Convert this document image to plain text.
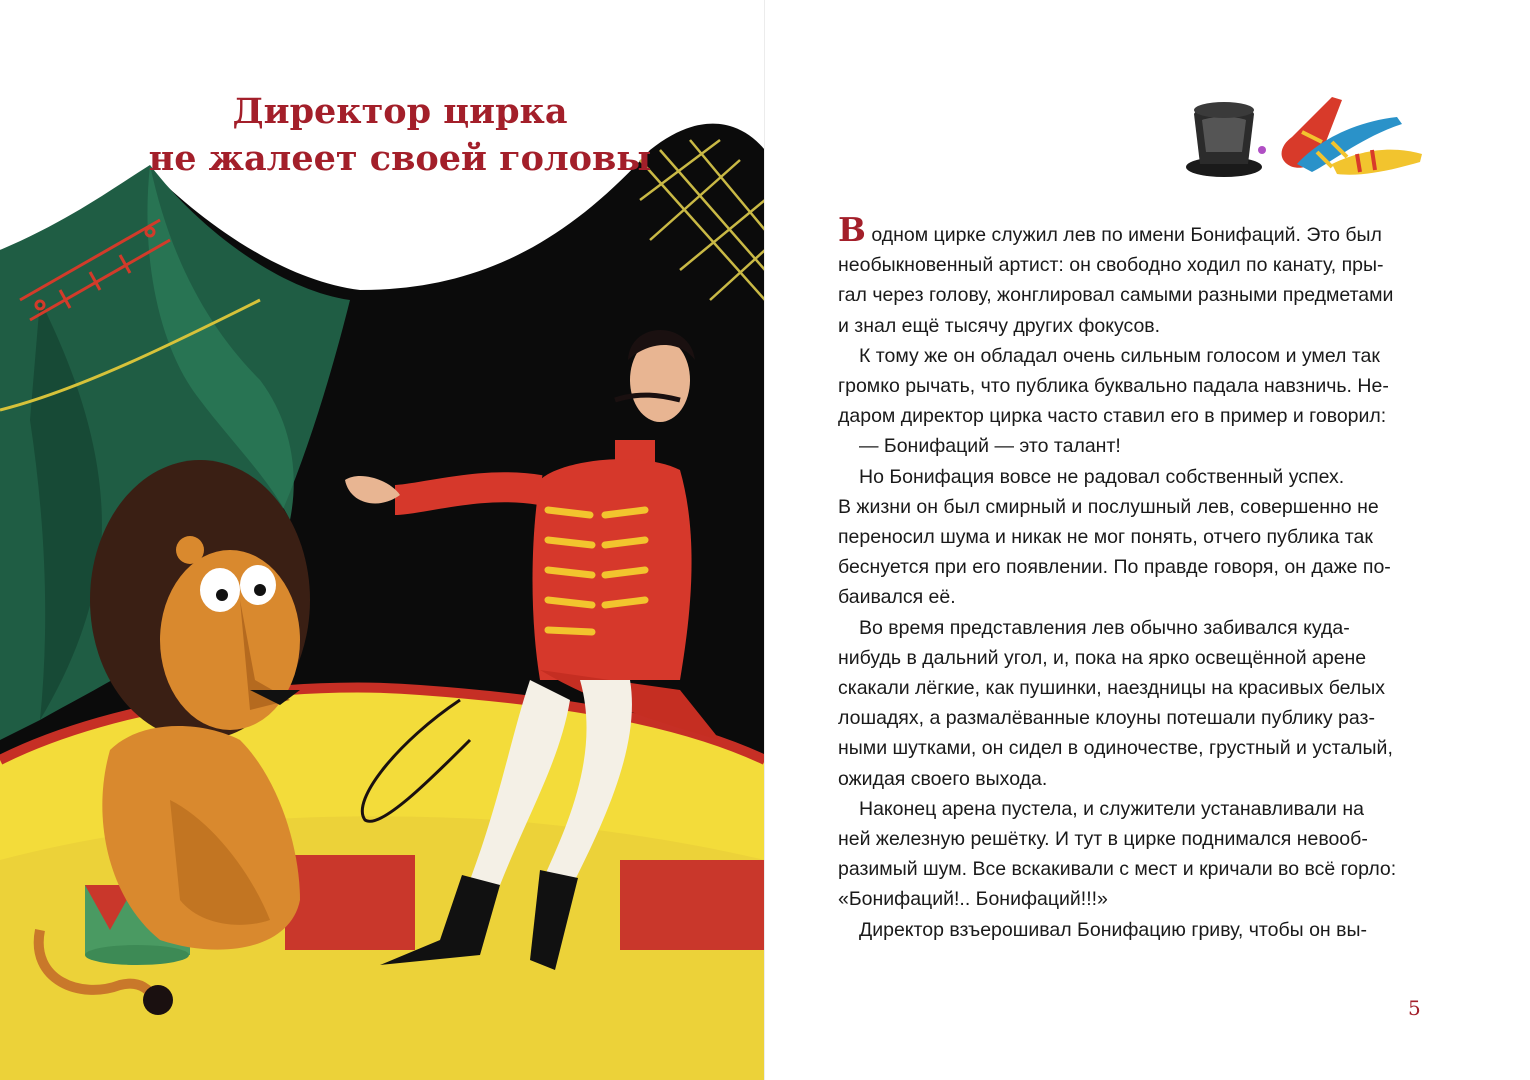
Директор цирка
не жалеет своей головы

В одном цирке служил лев по имени Бонифаций. Это был

необыкновенный артист: он свободно ходил по канату, пры-

гал через голову, жонглировал самыми разными предметами

и знал ещё тысячу других фокусов.

К тому же он обладал очень сильным голосом и умел так

громко рычать, что публика буквально падала навзничь. Не-

даром директор цирка часто ставил его в пример и говорил:

— Бонифаций — это талант!

Но Бонифация вовсе не радовал собственный успех.

В жизни он был смирный и послушный лев, совершенно не

переносил шума и никак не мог понять, отчего публика так

беснуется при его появлении. По правде говоря, он даже по-

баивался её.

Во время представления лев обычно забивался куда-

нибудь в дальний угол, и, пока на ярко освещённой арене

скакали лёгкие, как пушинки, наездницы на красивых белых

лошадях, а размалёванные клоуны потешали публику раз-

ными шутками, он сидел в одиночестве, грустный и усталый,

ожидая своего выхода.

Наконец арена пустела, и служители устанавливали на

ней железную решётку. И тут в цирке поднимался невооб-

разимый шум. Все вскакивали с мест и кричали во всё горло:

«Бонифаций!.. Бонифаций!!!»

Директор взъерошивал Бонифацию гриву, чтобы он вы-

5
